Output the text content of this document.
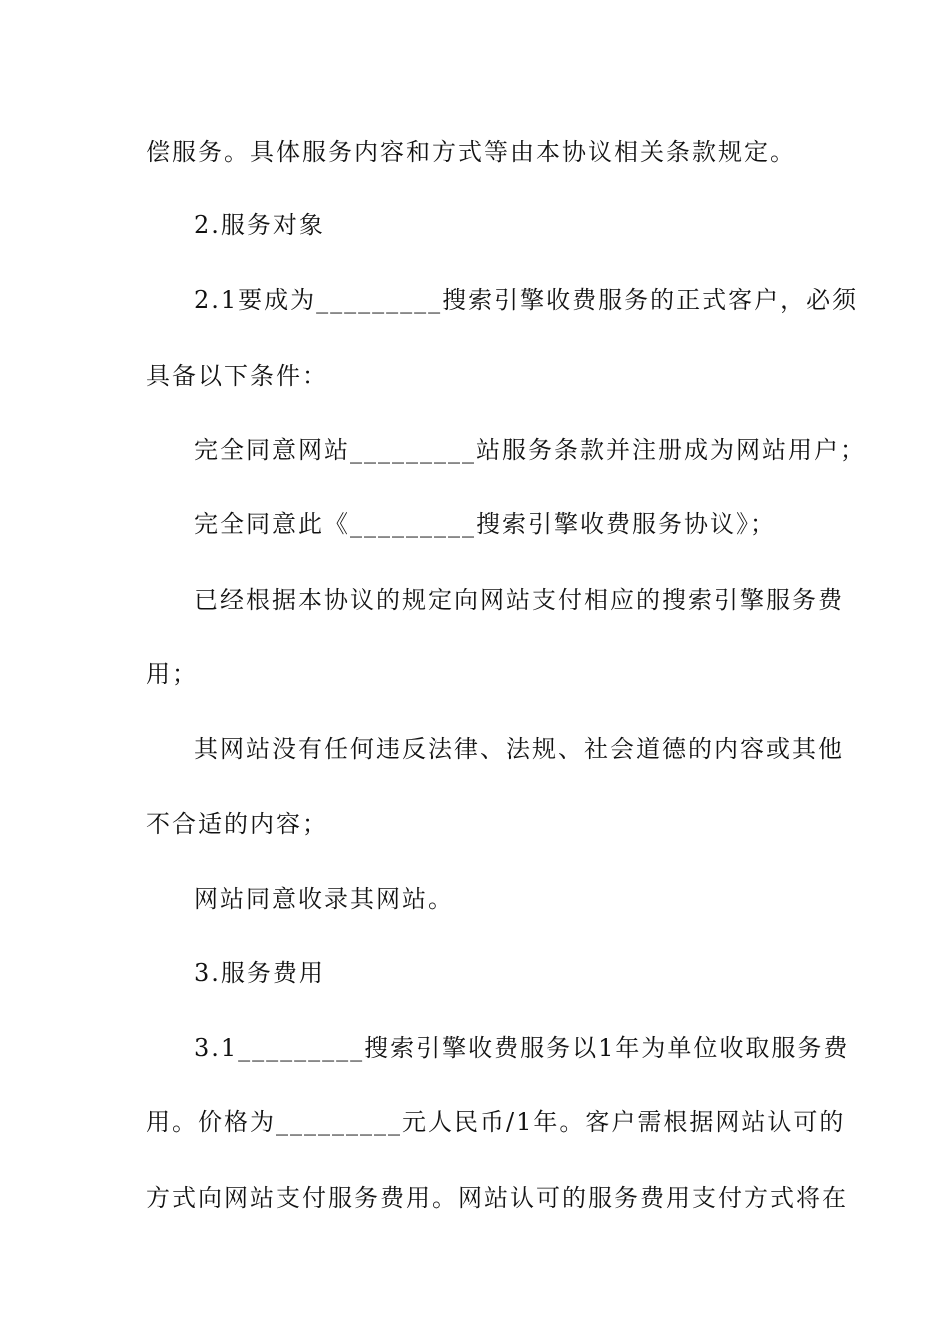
偿服务。具体服务内容和方式等由本协议相关条款规定。
2.服务对象
2.1要成为_________搜索引擎收费服务的正式客户，必须
具备以下条件：
完全同意网站_________站服务条款并注册成为网站用户；
完全同意此《_________搜索引擎收费服务协议》；
已经根据本协议的规定向网站支付相应的搜索引擎服务费
用；
其网站没有任何违反法律、法规、社会道德的内容或其他
不合适的内容；
网站同意收录其网站。
3.服务费用
3.1_________搜索引擎收费服务以1年为单位收取服务费
用。价格为_________元人民币/1年。客户需根据网站认可的
方式向网站支付服务费用。网站认可的服务费用支付方式将在
